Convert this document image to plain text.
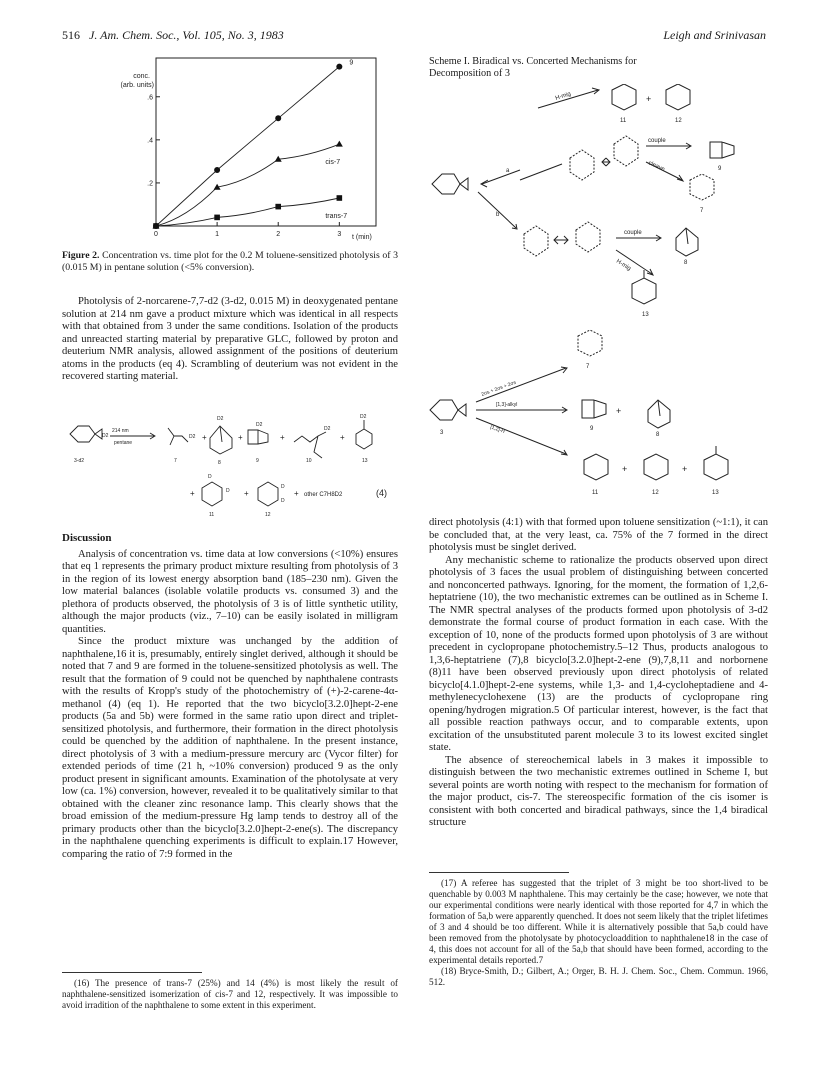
516 J. Am. Chem. Soc., Vol. 105, No. 3, 1983	Leigh and Srinivasan
conc.
(arb. units)
.2
.4
.6
0	1	2	3 t (min)
9
cis-7
trans-7
Figure 2. Concentration vs. time plot for the 0.2 M toluene-sensitized photolysis of 3 (0.015 M) in pentane solution (<5% conversion).

Photolysis of 2-norcarene-7,7-d2 (3-d2, 0.015 M) in deoxygenated pentane solution at 214 nm gave a product mixture which was identical in all respects with that obtained from 3 under the same conditions. Isolation of the products and unreacted starting material by preparative GLC, followed by proton and deuterium NMR analysis, allowed assignment of the positions of deuterium atoms in the products (eq 4). Scrambling of deuterium was not evident in the recovered starting material.

214 nm
pentane
D2	D2
D2
D2
D2
D2
+	+	+	+
+	+	+
D
D
D
D
other C7H8D2	(4)
3-d2	7	8	9	10	13
11	12
Discussion

Analysis of concentration vs. time data at low conversions (<10%) ensures that eq 1 represents the primary product mixture resulting from photolysis of 3 in the region of its lowest energy absorption band (185–230 nm). Given the low material balances (isolable volatile products vs. consumed 3) and the plethora of products observed, the photolysis of 3 is of little synthetic utility, although the major products (viz., 7–10) can be easily isolated in milligram quantities.

Since the product mixture was unchanged by the addition of naphthalene,16 it is, presumably, entirely singlet derived, although it should be noted that 7 and 9 are formed in the toluene-sensitized photolysis as well. The result that the formation of 9 could not be quenched by naphthalene contrasts with the results of Kropp's study of the photochemistry of (+)-2-carene-4α-methanol (4) (eq 1). He reported that the two bicyclo[3.2.0]hept-2-ene products (5a and 5b) were formed in the same ratio upon direct and triplet-sensitized photolysis, and furthermore, their formation in the direct photolysis could be quenched by the addition of naphthalene. In the present instance, direct photolysis of 3 with a medium-pressure mercury arc (Vycor filter) for extended periods of time (21 h, ~10% conversion) produced 9 as the only product present in significant amounts. Examination of the photolysate at very low (ca. 1%) conversion, however, revealed it to be qualitatively similar to that obtained with the cleaner zinc resonance lamp. This clearly shows that the broad emission of the medium-pressure Hg lamp tends to destroy all of the primary products other than the bicyclo[3.2.0]hept-2-ene(s). The discrepancy in the naphthalene quenching experiments is difficult to explain.17 However, comparing the ratio of 7:9 formed in the

(16) The presence of trans-7 (25%) and 14 (4%) is most likely the result of naphthalene-sensitized isomerization of cis-7 and 12, respectively. It was impossible to avoid irradition of the naphthalene to some extent in this experiment.

Scheme I. Biradical vs. Concerted Mechanisms for Decomposition of 3
H-mig	+
11	12
couple
9
cleave
7
a
b
couple
8
H-mig
13
7
3
2σs + 2σs + 2σs
[1,3]-alkyl
[1,2]-H
+
9
8
+	+
11	12	13

direct photolysis (4:1) with that formed upon toluene sensitization (~1:1), it can be concluded that, at the very least, ca. 75% of the 7 formed in the direct photolysis must be singlet derived.

Any mechanistic scheme to rationalize the products observed upon direct photolysis of 3 faces the usual problem of distinguishing between concerted and nonconcerted pathways. Ignoring, for the moment, the formation of 1,2,6-heptatriene (10), the two mechanistic extremes can be outlined as in Scheme I. The NMR spectral analyses of the products formed upon photolysis of 3-d2 demonstrate the formal course of product formation in each case. With the exception of 10, none of the products formed upon photolysis of 3 are without precedent in cyclopropane photochemistry.5–12 Thus, products analogous to 1,3,6-heptatriene (7),8 bicyclo[3.2.0]hept-2-ene (9),7,8,11 and norbornene (8)11 have been observed previously upon direct photolysis of related bicyclo[4.1.0]hept-2-ene systems, while 1,3- and 1,4-cycloheptadiene and 4-methylenecyclohexene (13) are the products of cyclopropane ring opening/hydrogen migration.5 Of particular interest, however, is the fact that all possible reaction pathways occur, and to comparable extents, upon excitation of the unsubstituted parent molecule 3 to its lowest excited singlet state.

The absence of stereochemical labels in 3 makes it impossible to distinguish between the two mechanistic extremes outlined in Scheme I, but several points are worth noting with respect to the mechanism for formation of the major product, cis-7. The stereospecific formation of the cis isomer is consistent with both concerted and biradical pathways, since the 1,4 biradical structure

(17) A referee has suggested that the triplet of 3 might be too short-lived to be quenchable by 0.003 M naphthalene. This may certainly be the case; however, we note that our experimental conditions were nearly identical with those reported for 4,7 in which the formation of 5a,b were apparently quenched. It does not seem likely that the triplet lifetimes of 3 and 4 should be too different. While it is alternatively possible that 5a,b could have been removed from the photolysate by photocycloaddition to naphthalene18 in the case of 4, this does not account for all of the 5a,b that should have been formed, according to the experimental details reported.7

(18) Bryce-Smith, D.; Gilbert, A.; Orger, B. H. J. Chem. Soc., Chem. Commun. 1966, 512.
